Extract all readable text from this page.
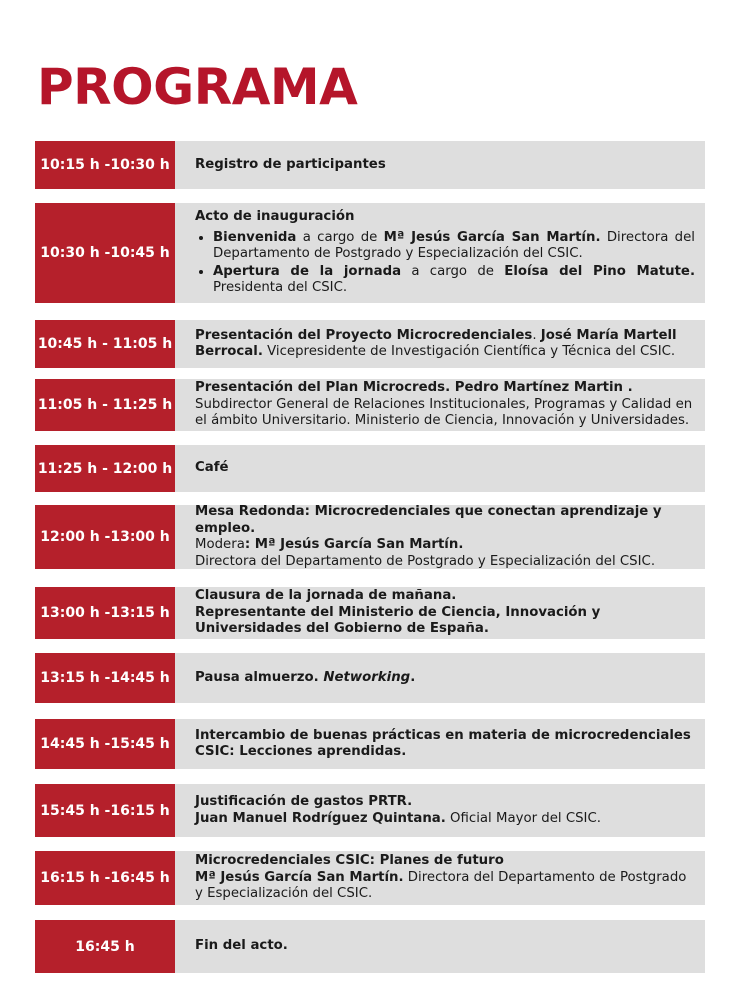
PROGRAMA
10:15 h -10:30 h	Registro de participantes
10:30 h -10:45 h
Acto de inauguración
• Bienvenida a cargo de Mª Jesús García San Martín. Directora del Departamento de Postgrado y Especialización del CSIC.
• Apertura de la jornada a cargo de Eloísa del Pino Matute. Presidenta del CSIC.
10:45 h - 11:05 h
Presentación del Proyecto Microcredenciales. José María Martell Berrocal. Vicepresidente de Investigación Científica y Técnica del CSIC.
11:05 h - 11:25 h
Presentación del Plan Microcreds. Pedro Martínez Martin . Subdirector General de Relaciones Institucionales, Programas y Calidad en el ámbito Universitario. Ministerio de Ciencia, Innovación y Universidades.
11:25 h - 12:00 h Café
12:00 h -13:00 h
Mesa Redonda: Microcredenciales que conectan aprendizaje y empleo.
Modera: Mª Jesús García San Martín.
Directora del Departamento de Postgrado y Especialización del CSIC.
13:00 h -13:15 h
Clausura de la jornada de mañana.
Representante del Ministerio de Ciencia, Innovación y Universidades del Gobierno de España.
13:15 h -14:45 h	Pausa almuerzo. Networking.
14:45 h -15:45 h
Intercambio de buenas prácticas en materia de microcredenciales CSIC: Lecciones aprendidas.
15:45 h -16:15 h
Justificación de gastos PRTR.
Juan Manuel Rodríguez Quintana. Oficial Mayor del CSIC.
16:15 h -16:45 h
Microcredenciales CSIC: Planes de futuro
Mª Jesús García San Martín. Directora del Departamento de Postgrado y Especialización del CSIC.
16:45 h	Fin del acto.
